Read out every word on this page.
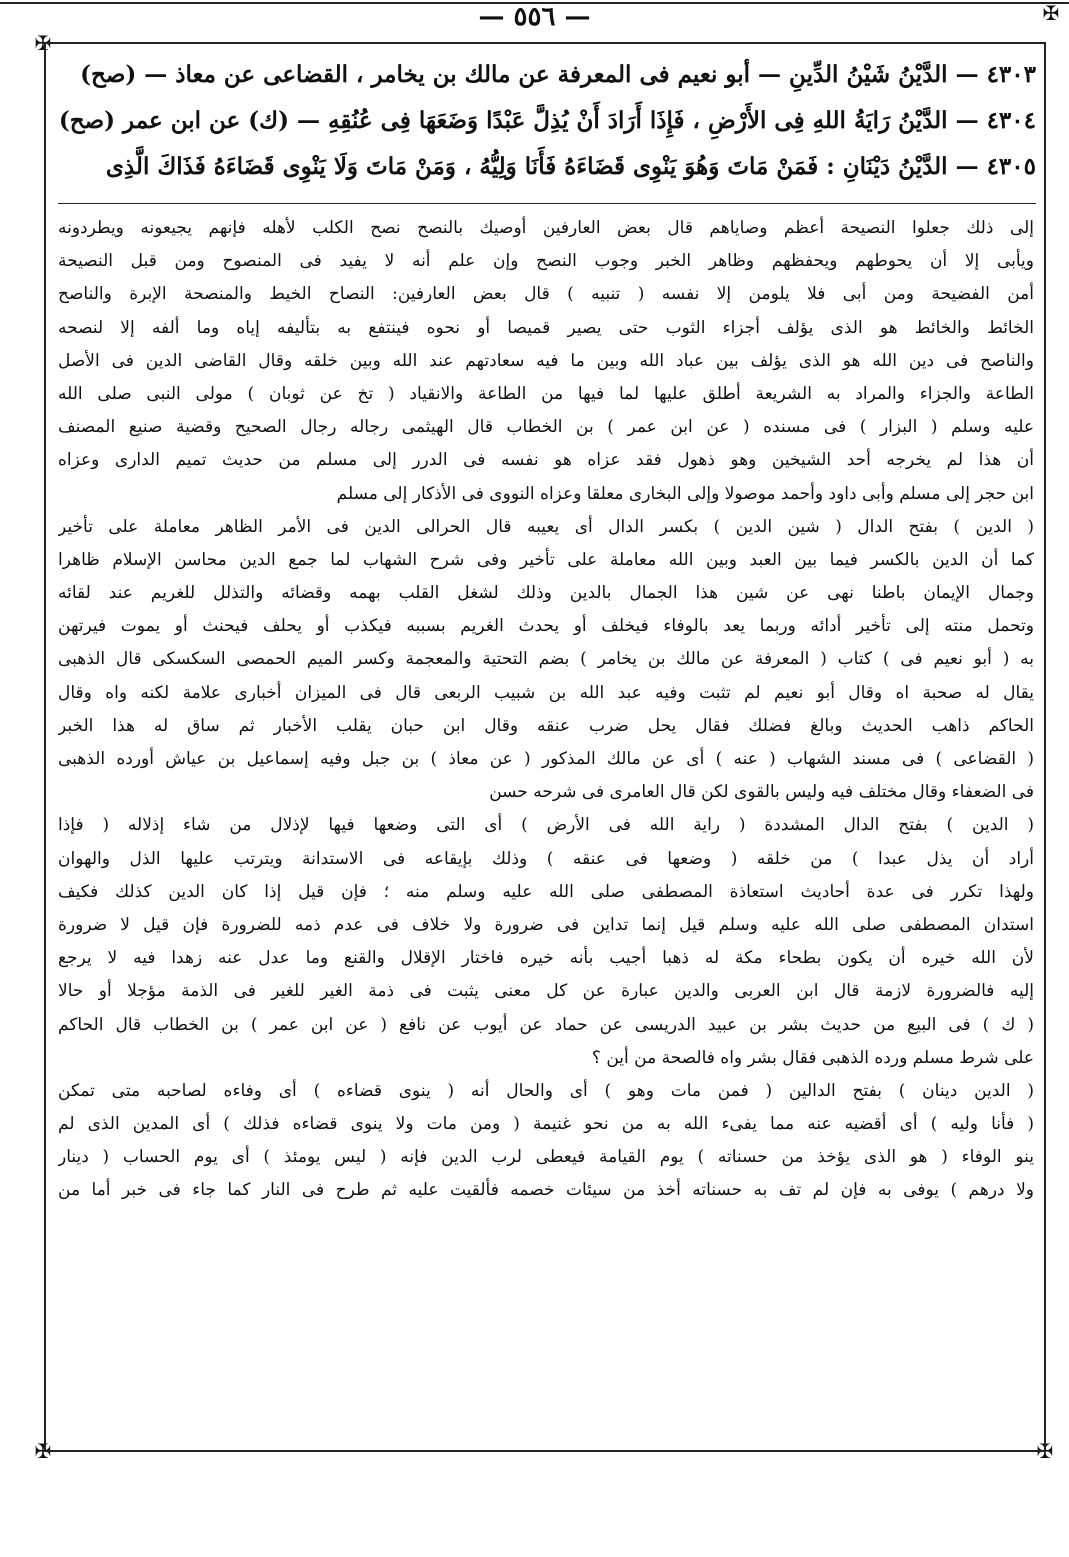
— ٥٥٦ —	✠
✠
✠	✠
٤٣٠٣ — الدَّيْنُ شَيْنُ الدِّينِ — أبو نعيم فى المعرفة عن مالك بن يخامر ، القضاعى عن معاذ — (صح)
٤٣٠٤ — الدَّيْنُ رَايَةُ اللهِ فِى الأَرْضِ ، فَإِذَا أَرَادَ أَنْ يُذِلَّ عَبْدًا وَضَعَهَا فِى عُنُقِهِ — (ك) عن ابن عمر (صح)
٤٣٠٥ — الدَّيْنُ دَيْنَانِ : فَمَنْ مَاتَ وَهُوَ يَنْوِى قَضَاءَهُ فَأَنَا وَلِيُّهُ ، وَمَنْ مَاتَ وَلَا يَنْوِى قَضَاءَهُ فَذَاكَ الَّذِى
إلى ذلك جعلوا النصيحة أعظم وصاياهم قال بعض العارفين أوصيك بالنصح نصح الكلب لأهله فإنهم يجيعونه ويطردونه
ويأبى إلا أن يحوطهم ويحفظهم وظاهر الخبر وجوب النصح وإن علم أنه لا يفيد فى المنصوح ومن قبل النصيحة
أمن الفضيحة ومن أبى فلا يلومن إلا نفسه ( تنبيه ) قال بعض العارفين: النصاح الخيط والمنصحة الإبرة والناصح
الخائط والخائط هو الذى يؤلف أجزاء الثوب حتى يصير قميصا أو نحوه فينتفع به بتأليفه إياه وما ألفه إلا لنصحه
والناصح فى دين الله هو الذى يؤلف بين عباد الله وبين ما فيه سعادتهم عند الله وبين خلقه وقال القاضى الدين فى الأصل
الطاعة والجزاء والمراد به الشريعة أطلق عليها لما فيها من الطاعة والانقياد ( تخ عن ثوبان ) مولى النبى صلى الله
عليه وسلم ( البزار ) فى مسنده ( عن ابن عمر ) بن الخطاب قال الهيثمى رجاله رجال الصحيح وقضية صنيع المصنف
أن هذا لم يخرجه أحد الشيخين وهو ذهول فقد عزاه هو نفسه فى الدرر إلى مسلم من حديث تميم الدارى وعزاه
ابن حجر إلى مسلم وأبى داود وأحمد موصولا وإلى البخارى معلقا وعزاه النووى فى الأذكار إلى مسلم
( الدين ) بفتح الدال ( شين الدين ) بكسر الدال أى يعيبه قال الحرالى الدين فى الأمر الظاهر معاملة على تأخير
كما أن الدين بالكسر فيما بين العبد وبين الله معاملة على تأخير وفى شرح الشهاب لما جمع الدين محاسن الإسلام ظاهرا
وجمال الإيمان باطنا نهى عن شين هذا الجمال بالدين وذلك لشغل القلب بهمه وقضائه والتذلل للغريم عند لقائه
وتحمل منته إلى تأخير أدائه وربما يعد بالوفاء فيخلف أو يحدث الغريم بسببه فيكذب أو يحلف فيحنث أو يموت فيرتهن
به ( أبو نعيم فى ) كتاب ( المعرفة عن مالك بن يخامر ) بضم التحتية والمعجمة وكسر الميم الحمصى السكسكى قال الذهبى
يقال له صحبة اه وقال أبو نعيم لم تثبت وفيه عبد الله بن شبيب الربعى قال فى الميزان أخبارى علامة لكنه واه وقال
الحاكم ذاهب الحديث وبالغ فضلك فقال يحل ضرب عنقه وقال ابن حبان يقلب الأخبار ثم ساق له هذا الخبر
( القضاعى ) فى مسند الشهاب ( عنه ) أى عن مالك المذكور ( عن معاذ ) بن جبل وفيه إسماعيل بن عياش أورده الذهبى
فى الضعفاء وقال مختلف فيه وليس بالقوى لكن قال العامرى فى شرحه حسن
( الدين ) بفتح الدال المشددة ( راية الله فى الأرض ) أى التى وضعها فيها لإذلال من شاء إذلاله ( فإذا
أراد أن يذل عبدا ) من خلقه ( وضعها فى عنقه ) وذلك بإيقاعه فى الاستدانة ويترتب عليها الذل والهوان
ولهذا تكرر فى عدة أحاديث استعاذة المصطفى صلى الله عليه وسلم منه ؛ فإن قيل إذا كان الدين كذلك فكيف
استدان المصطفى صلى الله عليه وسلم قيل إنما تداين فى ضرورة ولا خلاف فى عدم ذمه للضرورة فإن قيل لا ضرورة
لأن الله خيره أن يكون بطحاء مكة له ذهبا أجيب بأنه خيره فاختار الإقلال والقنع وما عدل عنه زهدا فيه لا يرجع
إليه فالضرورة لازمة قال ابن العربى والدين عبارة عن كل معنى يثبت فى ذمة الغير للغير فى الذمة مؤجلا أو حالا
( ك ) فى البيع من حديث بشر بن عبيد الدريسى عن حماد عن أيوب عن نافع ( عن ابن عمر ) بن الخطاب قال الحاكم
على شرط مسلم ورده الذهبى فقال بشر واه فالصحة من أين ؟
( الدين دينان ) بفتح الدالين ( فمن مات وهو ) أى والحال أنه ( ينوى قضاءه ) أى وفاءه لصاحبه متى تمكن
( فأنا وليه ) أى أقضيه عنه مما يفىء الله به من نحو غنيمة ( ومن مات ولا ينوى قضاءه فذلك ) أى المدين الذى لم
ينو الوفاء ( هو الذى يؤخذ من حسناته ) يوم القيامة فيعطى لرب الدين فإنه ( ليس يومئذ ) أى يوم الحساب ( دينار
ولا درهم ) يوفى به فإن لم تف به حسناته أخذ من سيئات خصمه فألقيت عليه ثم طرح فى النار كما جاء فى خبر أما من
